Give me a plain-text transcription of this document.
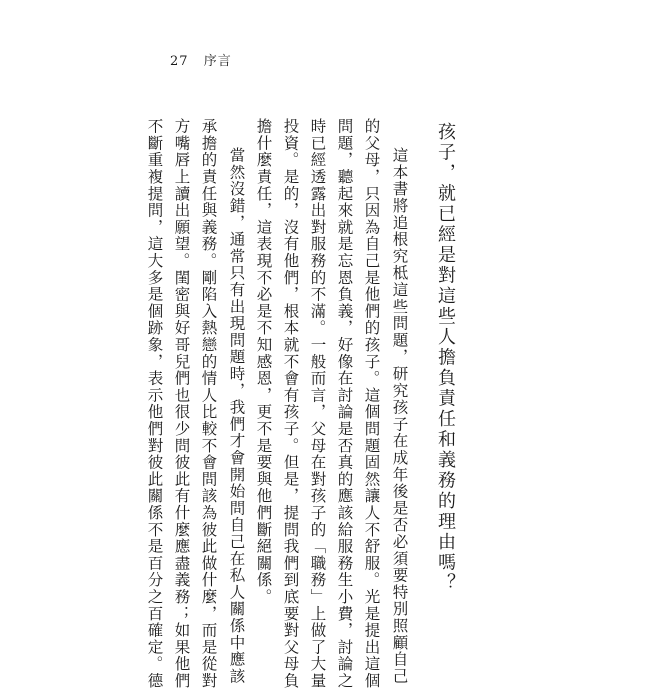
27 序言
孩子，就已經是對這些人擔負責任和義務的理由嗎？
這本書將追根究柢這些問題，研究孩子在成年後是否必須要特別照顧自己
的父母，只因為自己是他們的孩子。這個問題固然讓人不舒服。光是提出這個
問題，聽起來就是忘恩負義，好像在討論是否真的應該給服務生小費，討論之
時已經透露出對服務的不滿。一般而言，父母在對孩子的「職務」上做了大量
投資。是的，沒有他們，根本就不會有孩子。但是，提問我們到底要對父母負
擔什麼責任，這表現不必是不知感恩，更不是要與他們斷絕關係。
當然沒錯，通常只有出現問題時，我們才會開始問自己在私人關係中應該
承擔的責任與義務。剛陷入熱戀的情人比較不會問該為彼此做什麼，而是從對
方嘴唇上讀出願望。閨密與好哥兒們也很少問彼此有什麼應盡義務；如果他們
不斷重複提問，這大多是個跡象，表示他們對彼此關係不是百分之百確定。德
